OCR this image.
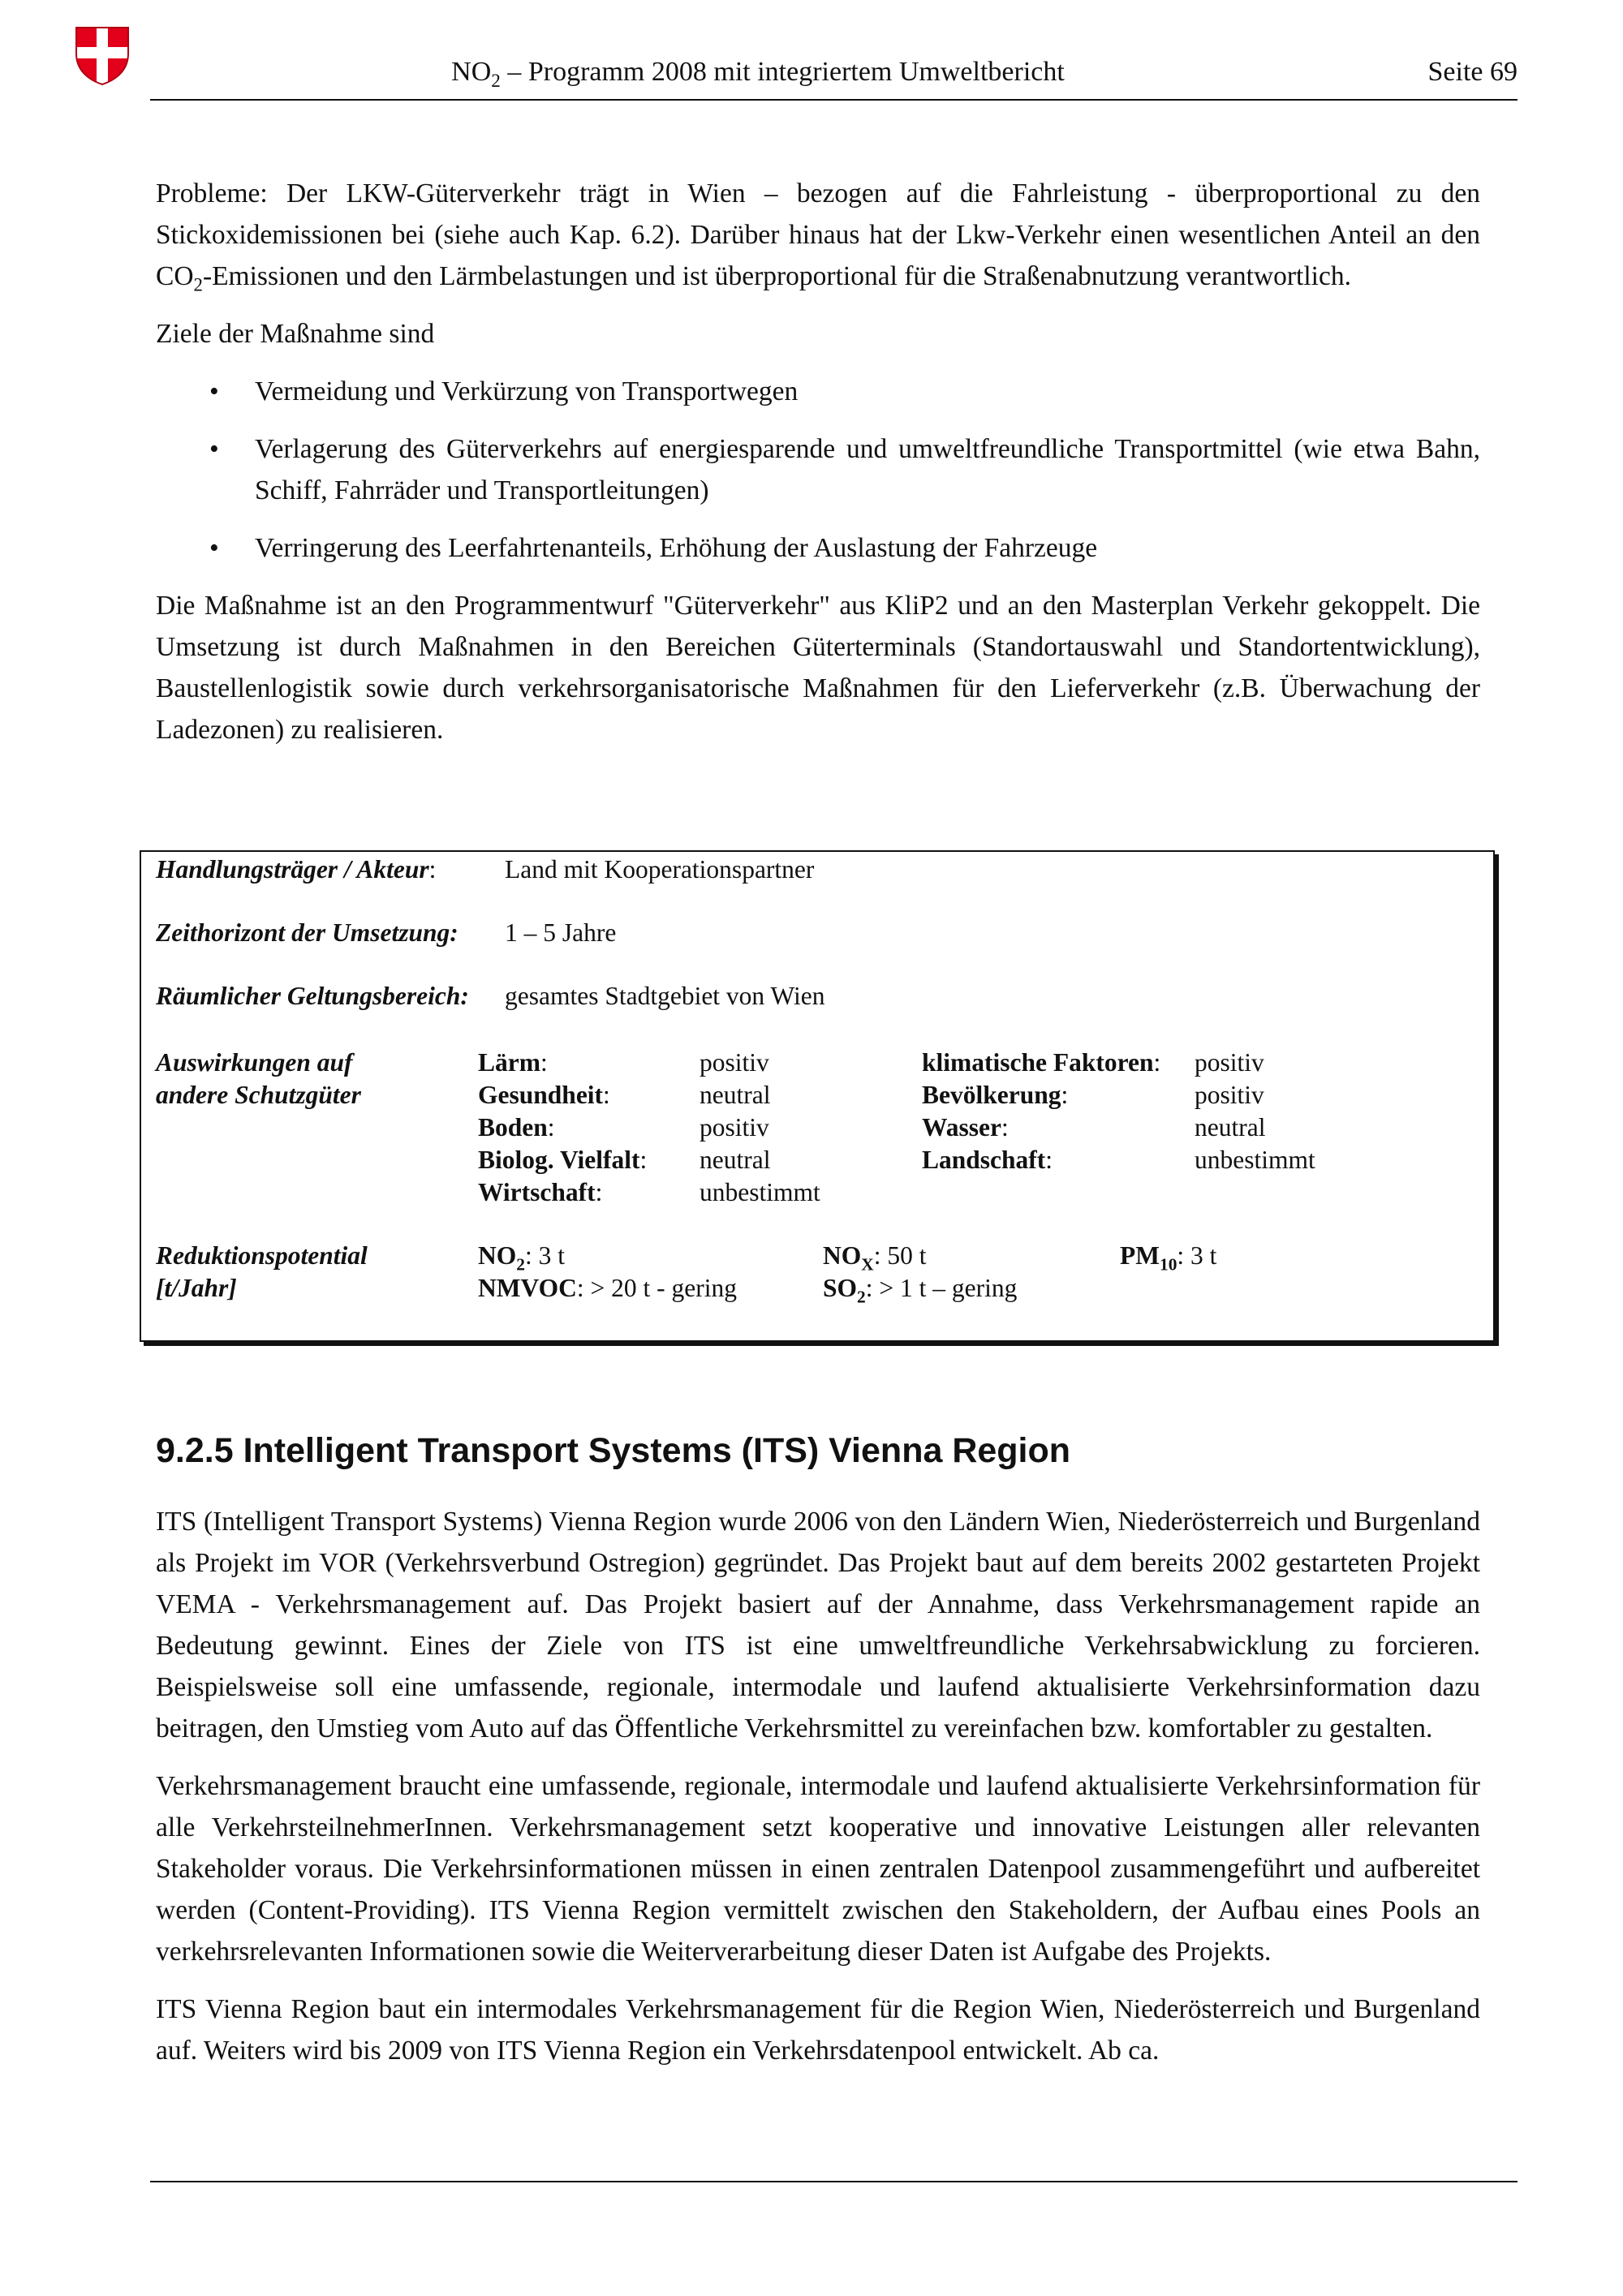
$NO_2$ – Programm 2008 mit integriertem Umweltbericht	Seite 69

Probleme: Der LKW-Güterverkehr trägt in Wien – bezogen auf die Fahrleistung - überproportional zu den Stickoxidemissionen bei (siehe auch Kap. 6.2). Darüber hinaus hat der Lkw-Verkehr einen wesentlichen Anteil an den $CO_2$-Emissionen und den Lärmbelastungen und ist überproportional für die Straßenabnutzung verantwortlich.

Ziele der Maßnahme sind

• Vermeidung und Verkürzung von Transportwegen
• Verlagerung des Güterverkehrs auf energiesparende und umweltfreundliche Transportmittel (wie etwa Bahn, Schiff, Fahrräder und Transportleitungen)
• Verringerung des Leerfahrtenanteils, Erhöhung der Auslastung der Fahrzeuge

Die Maßnahme ist an den Programmentwurf "Güterverkehr" aus KliP2 und an den Masterplan Verkehr gekoppelt. Die Umsetzung ist durch Maßnahmen in den Bereichen Güterterminals (Standortauswahl und Standortentwicklung), Baustellenlogistik sowie durch verkehrsorganisatorische Maßnahmen für den Lieferverkehr (z.B. Überwachung der Ladezonen) zu realisieren.

Handlungsträger / Akteur:	Land mit Kooperationspartner
Zeithorizont der Umsetzung: 1 – 5 Jahre
Räumlicher Geltungsbereich: gesamtes Stadtgebiet von Wien
Auswirkungen auf
andere Schutzgüter
Lärm:
Gesundheit:
Boden:
Biolog. Vielfalt:
Wirtschaft:
positiv
neutral
positiv
neutral
unbestimmt
klimatische Faktoren:
Bevölkerung:
Wasser:
Landschaft:
positiv
positiv
neutral
unbestimmt
Reduktionspotential
[t/Jahr]
$NO_2$: 3 t
NMVOC: > 20 t - gering
$NO_X$: 50 t
$SO_2$: > 1 t – gering
$PM_{10}$: 3 t
9.2.5 Intelligent Transport Systems (ITS) Vienna Region

ITS (Intelligent Transport Systems) Vienna Region wurde 2006 von den Ländern Wien, Niederösterreich und Burgenland als Projekt im VOR (Verkehrsverbund Ostregion) gegründet. Das Projekt baut auf dem bereits 2002 gestarteten Projekt VEMA - Verkehrsmanagement auf. Das Projekt basiert auf der Annahme, dass Verkehrsmanagement rapide an Bedeutung gewinnt. Eines der Ziele von ITS ist eine umweltfreundliche Verkehrsabwicklung zu forcieren. Beispielsweise soll eine umfassende, regionale, intermodale und laufend aktualisierte Verkehrsinformation dazu beitragen, den Umstieg vom Auto auf das Öffentliche Verkehrsmittel zu vereinfachen bzw. komfortabler zu gestalten.

Verkehrsmanagement braucht eine umfassende, regionale, intermodale und laufend aktualisierte Verkehrsinformation für alle VerkehrsteilnehmerInnen. Verkehrsmanagement setzt kooperative und innovative Leistungen aller relevanten Stakeholder voraus. Die Verkehrsinformationen müssen in einen zentralen Datenpool zusammengeführt und aufbereitet werden (Content-Providing). ITS Vienna Region vermittelt zwischen den Stakeholdern, der Aufbau eines Pools an verkehrsrelevanten Informationen sowie die Weiterverarbeitung dieser Daten ist Aufgabe des Projekts.

ITS Vienna Region baut ein intermodales Verkehrsmanagement für die Region Wien, Niederösterreich und Burgenland auf. Weiters wird bis 2009 von ITS Vienna Region ein Verkehrsdatenpool entwickelt. Ab ca.
